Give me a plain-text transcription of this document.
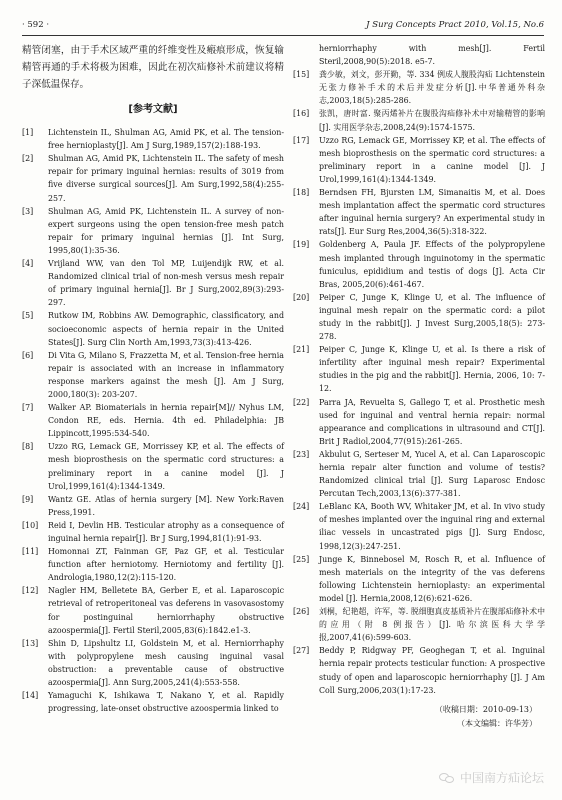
· 592 ·	J Surg Concepts Pract 2010, Vol.15, No.6

精管闭塞，由于手术区域严重的纤维变性及瘢痕形成，恢复输精管再通的手术将极为困难，因此在初次疝修补术前建议将精子深低温保存。

[参考文献]
[1]	Lichtenstein IL, Shulman AG, Amid PK, et al. The tension-free hernioplasty[J]. Am J Surg,1989,157(2):188-193.
[2]	Shulman AG, Amid PK, Lichtenstein IL. The safety of mesh repair for primary inguinal hernias: results of 3019 from five diverse surgical sources[J]. Am Surg,1992,58(4):255-257.
[3]	Shulman AG, Amid PK, Lichtenstein IL. A survey of non-expert surgeons using the open tension-free mesh patch repair for primary inguinal hernias [J]. Int Surg, 1995,80(1):35-36.
[4]	Vrijland WW, van den Tol MP, Luijendijk RW, et al. Randomized clinical trial of non-mesh versus mesh repair of primary inguinal hernia[J]. Br J Surg,2002,89(3):293-297.
[5]	Rutkow IM, Robbins AW. Demographic, classificatory, and socioeconomic aspects of hernia repair in the United States[J]. Surg Clin North Am,1993,73(3):413-426.
[6]	Di Vita G, Milano S, Frazzetta M, et al. Tension-free hernia repair is associated with an increase in inflammatory response markers against the mesh [J]. Am J Surg, 2000,180(3): 203-207.
[7]	Walker AP. Biomaterials in hernia repair[M]// Nyhus LM, Condon RE, eds. Hernia. 4th ed. Philadelphia: JB Lippincott,1995:534-540.
[8]	Uzzo RG, Lemack GE, Morrissey KP, et al. The effects of mesh bioprosthesis on the spermatic cord structures: a preliminary report in a canine model [J]. J Urol,1999,161(4):1344-1349.
[9]	Wantz GE. Atlas of hernia surgery [M]. New York:Raven Press,1991.
[10]	Reid I, Devlin HB. Testicular atrophy as a consequence of inguinal hernia repair[J]. Br J Surg,1994,81(1):91-93.
[11]	Homonnai ZT, Fainman GF, Paz GF, et al. Testicular function after herniotomy. Herniotomy and fertility [J]. Andrologia,1980,12(2):115-120.
[12]	Nagler HM, Belletete BA, Gerber E, et al. Laparoscopic retrieval of retroperitoneal vas deferens in vasovasostomy for postinguinal herniorrhaphy obstructive azoospermia[J]. Fertil Steril,2005,83(6):1842.e1-3.
[13]	Shin D, Lipshultz LI, Goldstein M, et al. Herniorrhaphy with polypropylene mesh causing inguinal vasal obstruction: a preventable cause of obstructive azoospermia[J]. Ann Surg,2005,241(4):553-558.
[14]	Yamaguchi K, Ishikawa T, Nakano Y, et al. Rapidly progressing, late-onset obstructive azoospermia linked to
herniorrhaphy with mesh[J]. Fertil Steril,2008,90(5):2018. e5-7.
[15]	龚少敏，刘文，彭开勤，等. 334 例成人腹股沟疝 Lichtenstein 无张力修补手术的术后并发症分析[J].中华普通外科杂志,2003,18(5):285-286.
[16]	张凯，唐时富. 聚丙烯补片在腹股沟疝修补术中对输精管的影响[J]. 实用医学杂志,2008,24(9):1574-1575.
[17]	Uzzo RG, Lemack GE, Morrissey KP, et al. The effects of mesh bioprosthesis on the spermatic cord structures: a preliminary report in a canine model [J]. J Urol,1999,161(4):1344-1349.
[18]	Berndsen FH, Bjursten LM, Simanaitis M, et al. Does mesh implantation affect the spermatic cord structures after inguinal hernia surgery? An experimental study in rats[J]. Eur Surg Res,2004,36(5):318-322.
[19]	Goldenberg A, Paula JF. Effects of the polypropylene mesh implanted through inguinotomy in the spermatic funiculus, epididium and testis of dogs [J]. Acta Cir Bras, 2005,20(6):461-467.
[20]	Peiper C, Junge K, Klinge U, et al. The influence of inguinal mesh repair on the spermatic cord: a pilot study in the rabbit[J]. J Invest Surg,2005,18(5): 273-278.
[21]	Peiper C, Junge K, Klinge U, et al. Is there a risk of infertility after inguinal mesh repair? Experimental studies in the pig and the rabbit[J]. Hernia, 2006, 10: 7-12.
[22]	Parra JA, Revuelta S, Gallego T, et al. Prosthetic mesh used for inguinal and ventral hernia repair: normal appearance and complications in ultrasound and CT[J]. Brit J Radiol,2004,77(915):261-265.
[23]	Akbulut G, Serteser M, Yucel A, et al. Can Laparoscopic hernia repair alter function and volume of testis? Randomized clinical trial [J]. Surg Laparosc Endosc Percutan Tech,2003,13(6):377-381.
[24]	LeBlanc KA, Booth WV, Whitaker JM, et al. In vivo study of meshes implanted over the inguinal ring and external iliac vessels in uncastrated pigs [J]. Surg Endosc, 1998,12(3):247-251.
[25]	Junge K, Binnebosel M, Rosch R, et al. Influence of mesh materials on the integrity of the vas deferens following Lichtenstein hernioplasty: an experimental model [J]. Hernia,2008,12(6):621-626.
[26]	刘桐，纪艳超，许军，等. 脱细胞真皮基质补片在腹部疝修补术中的应用（附 8 例报告）[J]. 哈尔滨医科大学学报,2007,41(6):599-603.
[27]	Beddy P, Ridgway PF, Geoghegan T, et al. Inguinal hernia repair protects testicular function: A prospective study of open and laparoscopic herniorrhaphy [J]. J Am Coll Surg,2006,203(1):17-23.
（收稿日期：2010-09-13）
（本文编辑：许华芳）
中国南方疝论坛
